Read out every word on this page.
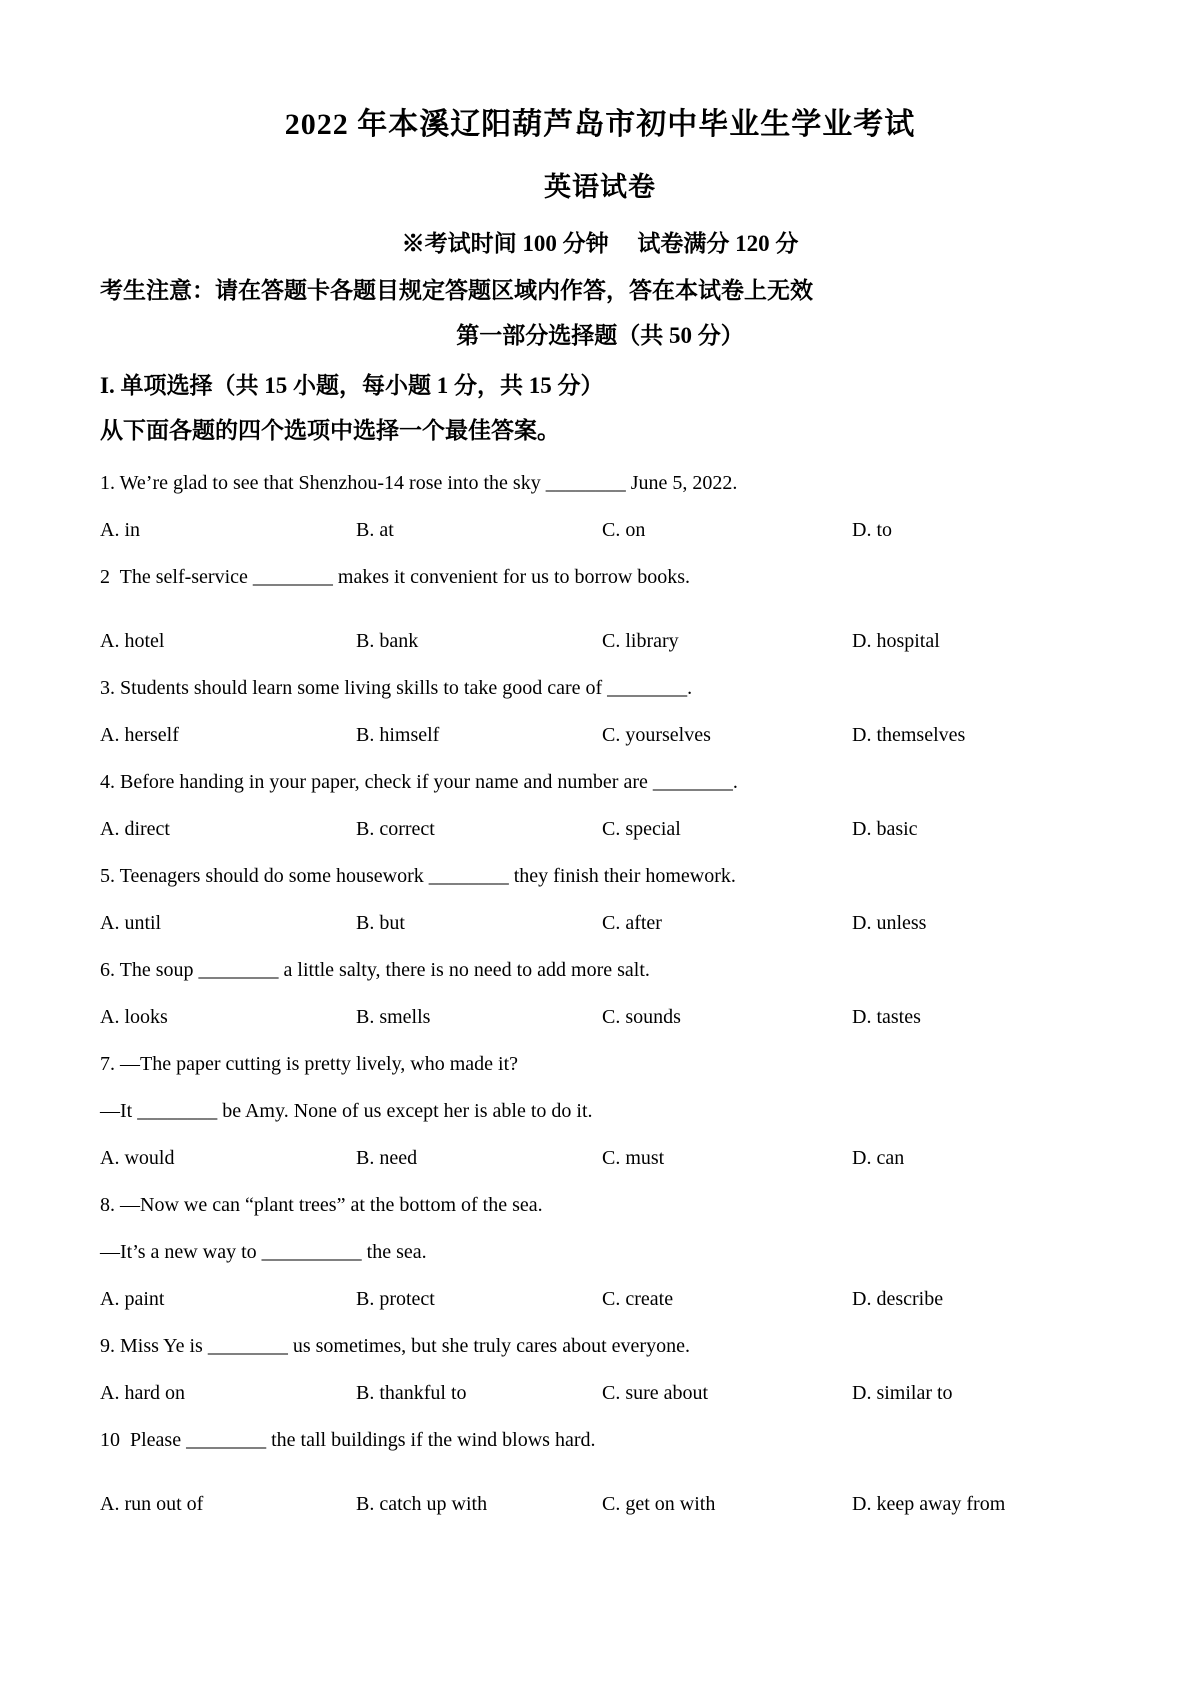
2022 年本溪辽阳葫芦岛市初中毕业生学业考试
英语试卷
※考试时间 100 分钟　 试卷满分 120 分
考生注意：请在答题卡各题目规定答题区域内作答，答在本试卷上无效
第一部分选择题（共 50 分）
I. 单项选择（共 15 小题，每小题 1 分，共 15 分）
从下面各题的四个选项中选择一个最佳答案。

1. We’re glad to see that Shenzhou-14 rose into the sky ________ June 5, 2022.

A. in	B. at	C. on	D. to

2  The self-service ________ makes it convenient for us to borrow books.

A. hotel	B. bank	C. library	D. hospital

3. Students should learn some living skills to take good care of ________.

A. herself	B. himself	C. yourselves	D. themselves

4. Before handing in your paper, check if your name and number are ________.

A. direct	B. correct	C. special	D. basic

5. Teenagers should do some housework ________ they finish their homework.

A. until	B. but	C. after	D. unless

6. The soup ________ a little salty, there is no need to add more salt.

A. looks	B. smells	C. sounds	D. tastes

7. —The paper cutting is pretty lively, who made it?

—It ________ be Amy. None of us except her is able to do it.

A. would	B. need	C. must	D. can

8. —Now we can “plant trees” at the bottom of the sea.

—It’s a new way to __________ the sea.

A. paint	B. protect	C. create	D. describe

9. Miss Ye is ________ us sometimes, but she truly cares about everyone.

A. hard on	B. thankful to	C. sure about	D. similar to

10  Please ________ the tall buildings if the wind blows hard.

A. run out of	B. catch up with	C. get on with	D. keep away from
